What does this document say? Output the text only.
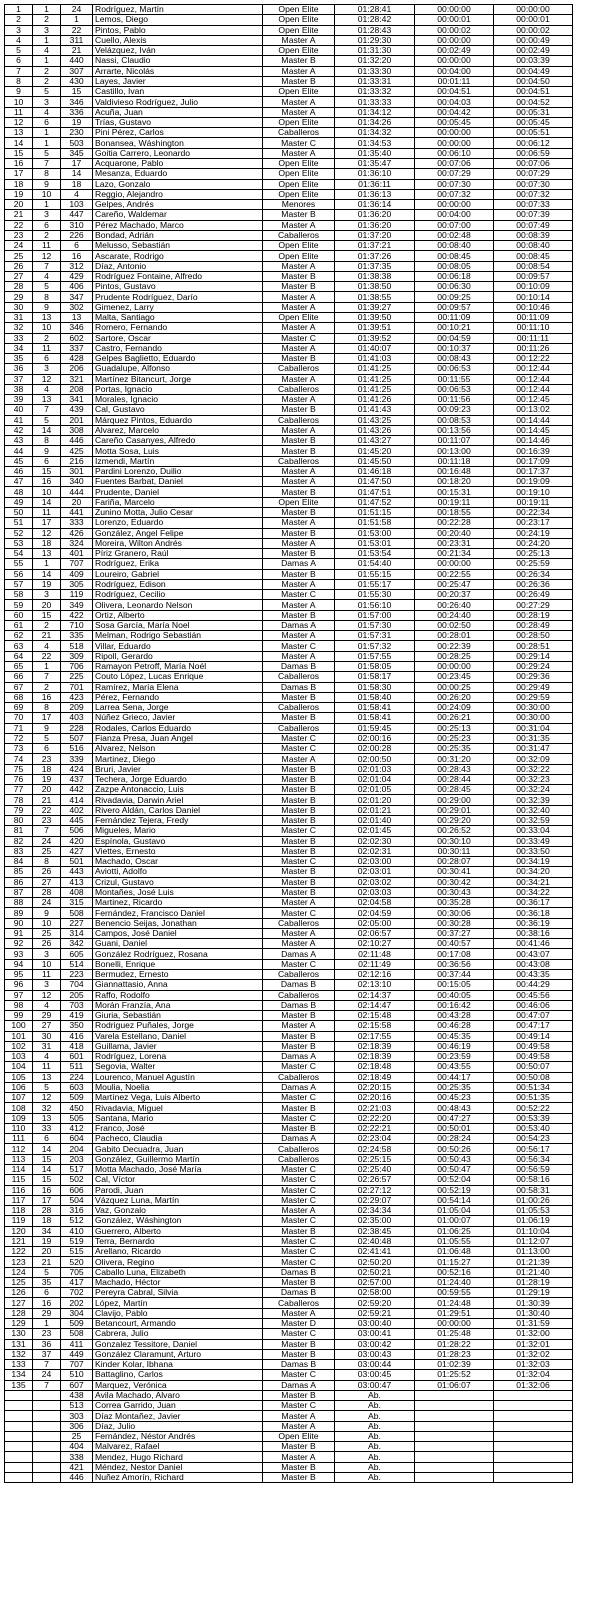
1	1	24	Rodríguez, Martín	Open Elite	01:28:41	00:00:00	00:00:00
2	2	1	Lemos, Diego	Open Elite	01:28:42	00:00:01	00:00:01
3	3	22	Pintos, Pablo	Open Elite	01:28:43	00:00:02	00:00:02
4	1	311	Cuello, Alexis	Master A	01:29:30	00:00:00	00:00:49
5	4	21	Velázquez, Iván	Open Elite	01:31:30	00:02:49	00:02:49
6	1	440	Nassi, Claudio	Master B	01:32:20	00:00:00	00:03:39
7	2	307	Arrarte, Nicolás	Master A	01:33:30	00:04:00	00:04:49
8	2	430	Layes, Javier	Master B	01:33:31	00:01:11	00:04:50
9	5	15	Castillo, Ivan	Open Elite	01:33:32	00:04:51	00:04:51
10	3	346	Valdivieso Rodríguez, Julio	Master A	01:33:33	00:04:03	00:04:52
11	4	336	Acuña, Juan	Master A	01:34:12	00:04:42	00:05:31
12	6	19	Trías, Gustavo	Open Elite	01:34:26	00:05:45	00:05:45
13	1	230	Pini Pérez, Carlos	Caballeros	01:34:32	00:00:00	00:05:51
14	1	503	Bonansea, Wáshington	Master C	01:34:53	00:00:00	00:06:12
15	5	345	Goitia Carrero, Leonardo	Master A	01:35:40	00:06:10	00:06:59
16	7	17	Acquarone, Pablo	Open Elite	01:35:47	00:07:06	00:07:06
17	8	14	Mesanza, Eduardo	Open Elite	01:36:10	00:07:29	00:07:29
18	9	18	Lazo, Gonzalo	Open Elite	01:36:11	00:07:30	00:07:30
19	10	4	Reggio, Alejandro	Open Elite	01:36:13	00:07:32	00:07:32
20	1	103	Gelpes, Andrés	Menores	01:36:14	00:00:00	00:07:33
21	3	447	Careño, Waldemar	Master B	01:36:20	00:04:00	00:07:39
22	6	310	Pérez Machado, Marco	Master A	01:36:20	00:07:00	00:07:49
23	2	226	Bondad, Adrián	Caballeros	01:37:20	00:02:48	00:08:39
24	11	6	Melusso, Sebastián	Open Elite	01:37:21	00:08:40	00:08:40
25	12	16	Ascarate, Rodrigo	Open Elite	01:37:26	00:08:45	00:08:45
26	7	312	Díaz, Antonio	Master A	01:37:35	00:08:05	00:08:54
27	4	429	Rodríguez Fontaine, Alfredo	Master B	01:38:38	00:06:18	00:09:57
28	5	406	Pintos, Gustavo	Master B	01:38:50	00:06:30	00:10:09
29	8	347	Prudente Rodríguez, Darío	Master A	01:38:55	00:09:25	00:10:14
30	9	302	Gimenez, Larry	Master A	01:39:27	00:09:57	00:10:46
31	13	13	Malta, Santiago	Open Elite	01:39:50	00:11:09	00:11:09
32	10	346	Romero, Fernando	Master A	01:39:51	00:10:21	00:11:10
33	2	602	Sartore, Oscar	Master C	01:39:52	00:04:59	00:11:11
34	11	337	Castro, Fernando	Master A	01:40:07	00:10:37	00:11:26
35	6	428	Gelpes Baglietto, Eduardo	Master B	01:41:03	00:08:43	00:12:22
36	3	206	Guadalupe, Alfonso	Caballeros	01:41:25	00:06:53	00:12:44
37	12	321	Martínez Bitancurt, Jorge	Master A	01:41:25	00:11:55	00:12:44
38	4	208	Portas, Ignacio	Caballeros	01:41:25	00:06:53	00:12:44
39	13	341	Morales, Ignacio	Master A	01:41:26	00:11:56	00:12:45
40	7	439	Cal, Gustavo	Master B	01:41:43	00:09:23	00:13:02
41	5	201	Márquez Pintos, Eduardo	Caballeros	01:43:25	00:08:53	00:14:44
42	14	308	Alvarez, Marcelo	Master A	01:43:26	00:13:56	00:14:45
43	8	446	Careño Casanyes, Alfredo	Master B	01:43:27	00:11:07	00:14:46
44	9	425	Motta Sosa, Luis	Master B	01:45:20	00:13:00	00:16:39
45	6	216	Izmendi, Martín	Caballeros	01:45:50	00:11:18	00:17:09
46	15	301	Pardini Lorenzo, Duilio	Master A	01:46:18	00:16:48	00:17:37
47	16	340	Fuentes Barbat, Daniel	Master A	01:47:50	00:18:20	00:19:09
48	10	444	Prudente, Daniel	Master B	01:47:51	00:15:31	00:19:10
49	14	20	Fariña, Marcelo	Open Elite	01:47:52	00:19:11	00:19:11
50	11	441	Zunino Motta, Julio Cesar	Master B	01:51:15	00:18:55	00:22:34
51	17	333	Lorenzo, Eduardo	Master A	01:51:58	00:22:28	00:23:17
52	12	426	González, Angel Felipe	Master B	01:53:00	00:20:40	00:24:19
53	18	324	Moreira, Wilton Andrés	Master A	01:53:01	00:23:31	00:24:20
54	13	401	Píriz Granero, Raúl	Master B	01:53:54	00:21:34	00:25:13
55	1	707	Rodríguez, Erika	Damas A	01:54:40	00:00:00	00:25:59
56	14	409	Loureiro, Gabriel	Master B	01:55:15	00:22:55	00:26:34
57	19	305	Rodríguez, Edison	Master A	01:55:17	00:25:47	00:26:36
58	3	119	Rodríguez, Cecilio	Master C	01:55:30	00:20:37	00:26:49
59	20	349	Olivera, Leonardo Nelson	Master A	01:56:10	00:26:40	00:27:29
60	15	422	Ortiz, Alberto	Master B	01:57:00	00:24:40	00:28:19
61	2	710	Sosa García, María Noel	Damas A	01:57:30	00:02:50	00:28:49
62	21	335	Melman, Rodrigo Sebastián	Master A	01:57:31	00:28:01	00:28:50
63	4	518	Villar, Eduardo	Master C	01:57:32	00:22:39	00:28:51
64	22	309	Ripoll, Gerardo	Master A	01:57:55	00:28:25	00:29:14
65	1	706	Ramayon Petroff, María Noél	Damas B	01:58:05	00:00:00	00:29:24
66	7	225	Couto López, Lucas Enrique	Caballeros	01:58:17	00:23:45	00:29:36
67	2	701	Ramírez, María Elena	Damas B	01:58:30	00:00:25	00:29:49
68	16	423	Pérez, Fernando	Master B	01:58:40	00:26:20	00:29:59
69	8	209	Larrea Sena, Jorge	Caballeros	01:58:41	00:24:09	00:30:00
70	17	403	Núñez Grieco, Javier	Master B	01:58:41	00:26:21	00:30:00
71	9	228	Rodales, Carlos Eduardo	Caballeros	01:59:45	00:25:13	00:31:04
72	5	507	Fianza Presa, Juan Angel	Master C	02:00:16	00:25:23	00:31:35
73	6	516	Alvarez, Nelson	Master C	02:00:28	00:25:35	00:31:47
74	23	339	Martinez, Diego	Master A	02:00:50	00:31:20	00:32:09
75	18	424	Bruri, Javier	Master B	02:01:03	00:28:43	00:32:22
76	19	437	Techera, Jorge Eduardo	Master B	02:01:04	00:28:44	00:32:23
77	20	442	Zazpe Antonaccio, Luis	Master B	02:01:05	00:28:45	00:32:24
78	21	414	Rivadavia, Darwin Ariel	Master B	02:01:20	00:29:00	00:32:39
79	22	402	Rivero Aldán, Carlos Daniel	Master B	02:01:21	00:29:01	00:32:40
80	23	445	Fernández Tejera, Fredy	Master B	02:01:40	00:29:20	00:32:59
81	7	506	Migueles, Mario	Master C	02:01:45	00:26:52	00:33:04
82	24	420	Espínola, Gustavo	Master B	02:02:30	00:30:10	00:33:49
83	25	427	Viettes, Ernesto	Master B	02:02:31	00:30:11	00:33:50
84	8	501	Machado, Oscar	Master C	02:03:00	00:28:07	00:34:19
85	26	443	Aviotti, Adolfo	Master B	02:03:01	00:30:41	00:34:20
86	27	413	Crizul, Gustavo	Master B	02:03:02	00:30:42	00:34:21
87	28	408	Montañes, José Luis	Master B	02:03:03	00:30:43	00:34:22
88	24	315	Martinez, Ricardo	Master A	02:04:58	00:35:28	00:36:17
89	9	508	Fernández, Francisco Daniel	Master C	02:04:59	00:30:06	00:36:18
90	10	227	Benencio Seijas, Jonathan	Caballeros	02:05:00	00:30:28	00:36:19
91	25	314	Campos, José Daniel	Master A	02:06:57	00:37:27	00:38:16
92	26	342	Guani, Daniel	Master A	02:10:27	00:40:57	00:41:46
93	3	605	González Rodríguez, Rosana	Damas A	02:11:48	00:17:08	00:43:07
94	10	514	Bonelli, Enrique	Master C	02:11:49	00:36:56	00:43:08
95	11	223	Bermudez, Ernesto	Caballeros	02:12:16	00:37:44	00:43:35
96	3	704	Giannattasio, Anna	Damas B	02:13:10	00:15:05	00:44:29
97	12	205	Raffo, Rodolfo	Caballeros	02:14:37	00:40:05	00:45:56
98	4	703	Morán Franzía, Ana	Damas B	02:14:47	00:16:42	00:46:06
99	29	419	Giuria, Sebastián	Master B	02:15:48	00:43:28	00:47:07
100	27	350	Rodriguez Puñales, Jorge	Master A	02:15:58	00:46:28	00:47:17
101	30	416	Varela Estellano, Daniel	Master B	02:17:55	00:45:35	00:49:14
102	31	418	Guillama, Javier	Master B	02:18:39	00:46:19	00:49:58
103	4	601	Rodríguez, Lorena	Damas A	02:18:39	00:23:59	00:49:58
104	11	511	Segovia, Walter	Master C	02:18:48	00:43:55	00:50:07
105	13	224	Lourenco, Manuel Agustín	Caballeros	02:18:49	00:44:17	00:50:08
106	5	603	Moulia, Noelia	Damas A	02:20:15	00:25:35	00:51:34
107	12	509	Martínez Vega, Luis Alberto	Master C	02:20:16	00:45:23	00:51:35
108	32	450	Rivadavia, Miguel	Master B	02:21:03	00:48:43	00:52:22
109	13	505	Santana, Mario	Master C	02:22:20	00:47:27	00:53:39
110	33	412	Franco, José	Master B	02:22:21	00:50:01	00:53:40
111	6	604	Pacheco, Claudia	Damas A	02:23:04	00:28:24	00:54:23
112	14	204	Gabito Decuadra, Juan	Caballeros	02:24:58	00:50:26	00:56:17
113	15	203	González, Guillermo Martín	Caballeros	02:25:15	00:50:43	00:56:34
114	14	517	Motta Machado, José María	Master C	02:25:40	00:50:47	00:56:59
115	15	502	Cal, Víctor	Master C	02:26:57	00:52:04	00:58:16
116	16	606	Parodi, Juan	Master C	02:27:12	00:52:19	00:58:31
117	17	504	Vázquez Luna, Martín	Master C	02:29:07	00:54:14	01:00:26
118	28	316	Vaz, Gonzalo	Master A	02:34:34	01:05:04	01:05:53
119	18	512	González, Wáshington	Master C	02:35:00	01:00:07	01:06:19
120	34	410	Guerrero, Alberto	Master B	02:38:45	01:06:25	01:10:04
121	19	519	Terra, Bernardo	Master C	02:40:48	01:05:55	01:12:07
122	20	515	Arellano, Ricardo	Master C	02:41:41	01:06:48	01:13:00
123	21	520	Olivera, Regino	Master C	02:50:20	01:15:27	01:21:39
124	5	705	Caballo Luna, Elizabeth	Damas B	02:50:21	00:52:16	01:21:40
125	35	417	Machado, Héctor	Master B	02:57:00	01:24:40	01:28:19
126	6	702	Pereyra Cabral, Silvia	Damas B	02:58:00	00:59:55	01:29:19
127	16	202	López, Martín	Caballeros	02:59:20	01:24:48	01:30:39
128	29	304	Clavijo, Pablo	Master A	02:59:21	01:29:51	01:30:40
129	1	509	Betancourt, Armando	Master D	03:00:40	00:00:00	01:31:59
130	23	508	Cabrera, Julio	Master C	03:00:41	01:25:48	01:32:00
131	36	411	Gonzalez Tessitore, Daniel	Master B	03:00:42	01:28:22	01:32:01
132	37	449	González Claramunt, Arturo	Master B	03:00:43	01:28:23	01:32:02
133	7	707	Kinder Kolar, Ibhana	Damas B	03:00:44	01:02:39	01:32:03
134	24	510	Battaglino, Carlos	Master C	03:00:45	01:25:52	01:32:04
135	7	607	Marquez, Verónica	Damas A	03:00:47	01:06:07	01:32:06
		438	Avila Machado, Alvaro	Master B	Ab.		
		513	Correa Garrido, Juan	Master C	Ab.		
		303	Díaz Montañez, Javier	Master A	Ab.		
		306	Díaz, Julio	Master A	Ab.		
		25	Fernández, Néstor Andrés	Open Elite	Ab.		
		404	Malvarez, Rafael	Master B	Ab.		
		338	Mendez, Hugo Richard	Master A	Ab.		
		421	Méndez, Nestor Daniel	Master B	Ab.		
		446	Nuñez Amorín, Richard	Master B	Ab.		
